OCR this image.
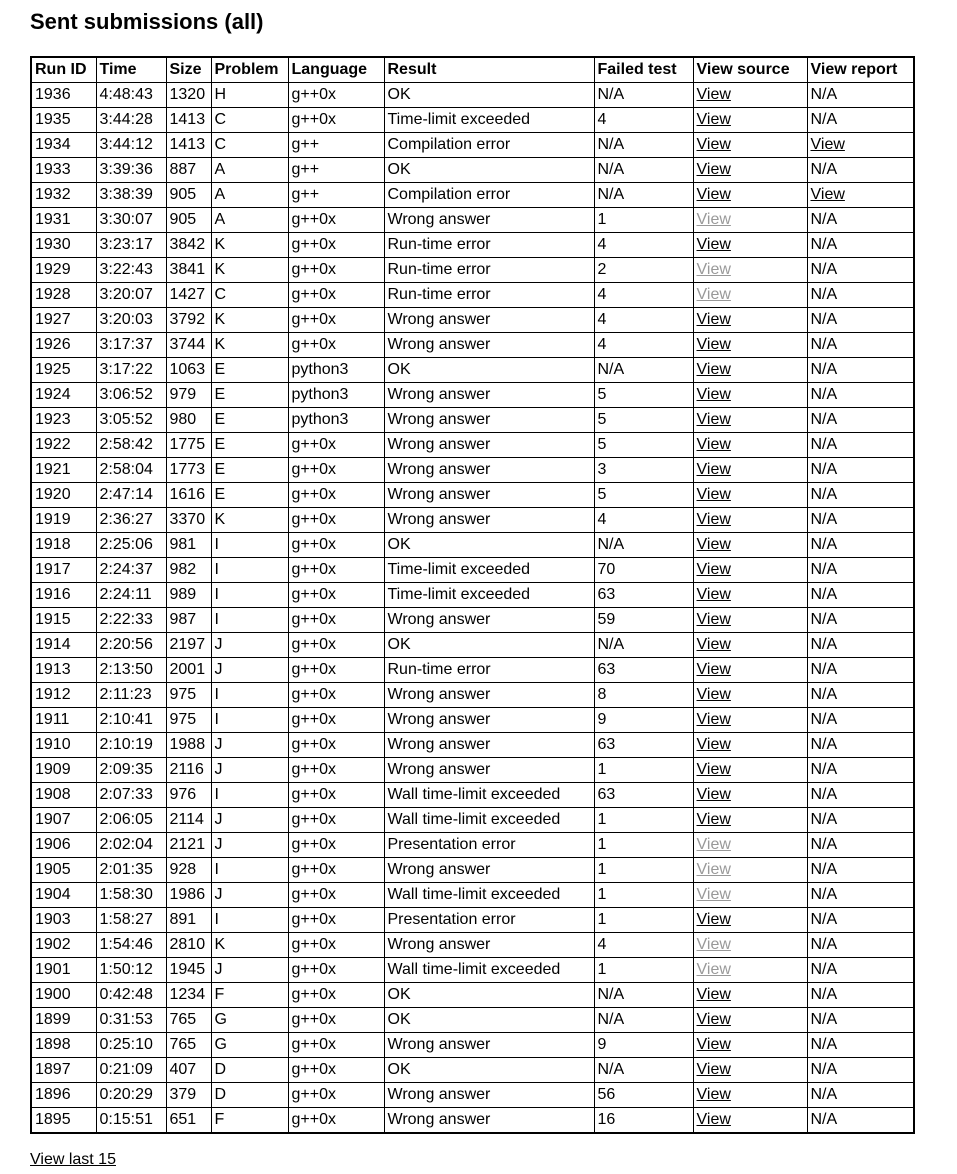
Sent submissions (all)
Run ID	Time	Size	Problem	Language	Result	Failed test	View source	View report
1936	4:48:43	1320	H	g++0x	OK	N/A	View	N/A
1935	3:44:28	1413	C	g++0x	Time-limit exceeded	4	View	N/A
1934	3:44:12	1413	C	g++	Compilation error	N/A	View	View
1933	3:39:36	887	A	g++	OK	N/A	View	N/A
1932	3:38:39	905	A	g++	Compilation error	N/A	View	View
1931	3:30:07	905	A	g++0x	Wrong answer	1	View	N/A
1930	3:23:17	3842	K	g++0x	Run-time error	4	View	N/A
1929	3:22:43	3841	K	g++0x	Run-time error	2	View	N/A
1928	3:20:07	1427	C	g++0x	Run-time error	4	View	N/A
1927	3:20:03	3792	K	g++0x	Wrong answer	4	View	N/A
1926	3:17:37	3744	K	g++0x	Wrong answer	4	View	N/A
1925	3:17:22	1063	E	python3	OK	N/A	View	N/A
1924	3:06:52	979	E	python3	Wrong answer	5	View	N/A
1923	3:05:52	980	E	python3	Wrong answer	5	View	N/A
1922	2:58:42	1775	E	g++0x	Wrong answer	5	View	N/A
1921	2:58:04	1773	E	g++0x	Wrong answer	3	View	N/A
1920	2:47:14	1616	E	g++0x	Wrong answer	5	View	N/A
1919	2:36:27	3370	K	g++0x	Wrong answer	4	View	N/A
1918	2:25:06	981	I	g++0x	OK	N/A	View	N/A
1917	2:24:37	982	I	g++0x	Time-limit exceeded	70	View	N/A
1916	2:24:11	989	I	g++0x	Time-limit exceeded	63	View	N/A
1915	2:22:33	987	I	g++0x	Wrong answer	59	View	N/A
1914	2:20:56	2197	J	g++0x	OK	N/A	View	N/A
1913	2:13:50	2001	J	g++0x	Run-time error	63	View	N/A
1912	2:11:23	975	I	g++0x	Wrong answer	8	View	N/A
1911	2:10:41	975	I	g++0x	Wrong answer	9	View	N/A
1910	2:10:19	1988	J	g++0x	Wrong answer	63	View	N/A
1909	2:09:35	2116	J	g++0x	Wrong answer	1	View	N/A
1908	2:07:33	976	I	g++0x	Wall time-limit exceeded	63	View	N/A
1907	2:06:05	2114	J	g++0x	Wall time-limit exceeded	1	View	N/A
1906	2:02:04	2121	J	g++0x	Presentation error	1	View	N/A
1905	2:01:35	928	I	g++0x	Wrong answer	1	View	N/A
1904	1:58:30	1986	J	g++0x	Wall time-limit exceeded	1	View	N/A
1903	1:58:27	891	I	g++0x	Presentation error	1	View	N/A
1902	1:54:46	2810	K	g++0x	Wrong answer	4	View	N/A
1901	1:50:12	1945	J	g++0x	Wall time-limit exceeded	1	View	N/A
1900	0:42:48	1234	F	g++0x	OK	N/A	View	N/A
1899	0:31:53	765	G	g++0x	OK	N/A	View	N/A
1898	0:25:10	765	G	g++0x	Wrong answer	9	View	N/A
1897	0:21:09	407	D	g++0x	OK	N/A	View	N/A
1896	0:20:29	379	D	g++0x	Wrong answer	56	View	N/A
1895	0:15:51	651	F	g++0x	Wrong answer	16	View	N/A
View last 15
